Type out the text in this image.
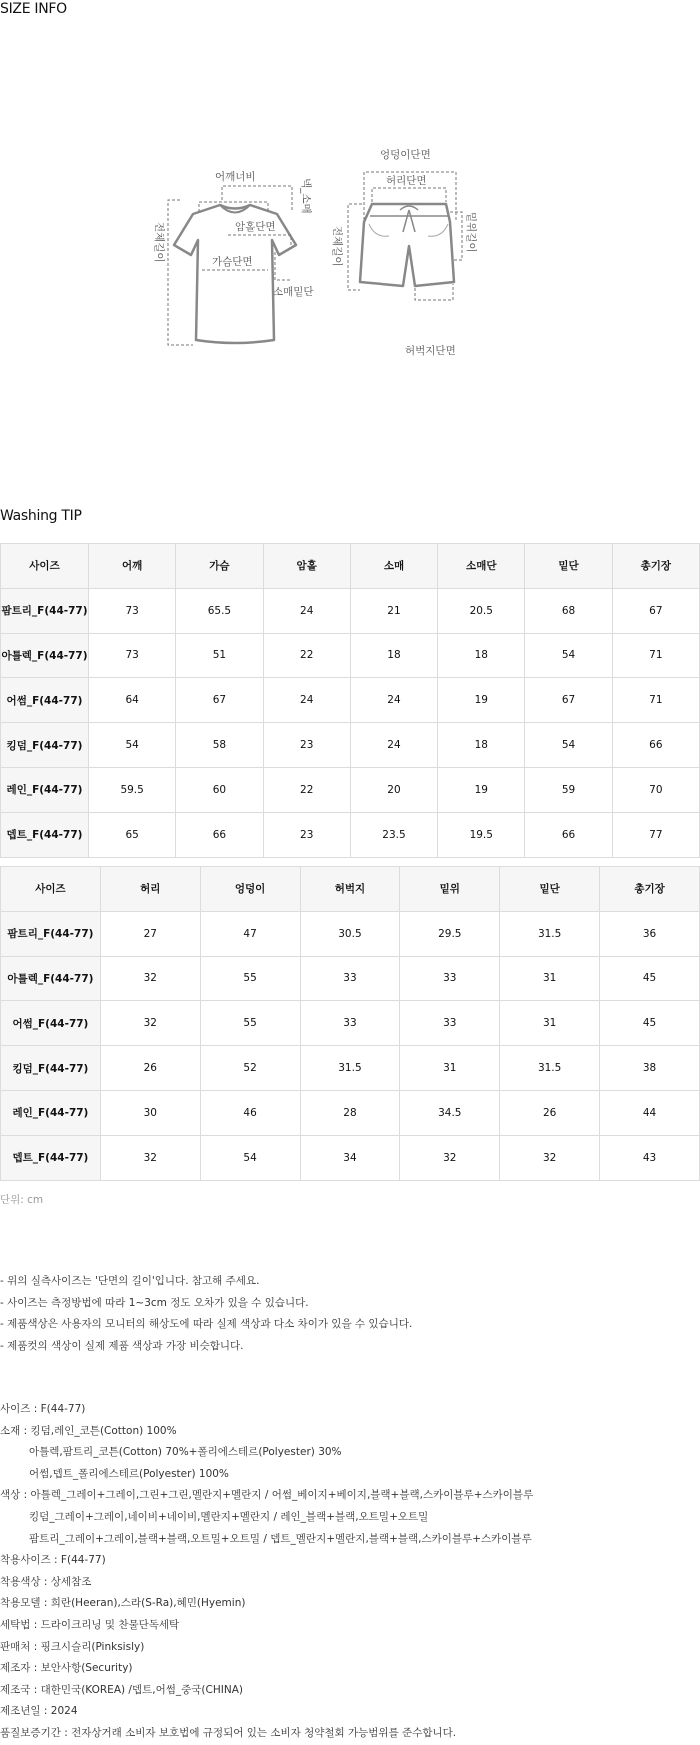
SIZE INFO
어깨너비
암홀단면
가슴단면
소매밑단
넥_소매
전체길이
엉덩이단면
허리단면
밑위길이
전체길이
허벅지단면
Washing TIP
사이즈	어깨	가슴	암홀	소매	소매단	밑단	총기장
팜트리_F(44-77)	73	65.5	24	21	20.5	68	67
아틀렉_F(44-77)	73	51	22	18	18	54	71
어썸_F(44-77)	64	67	24	24	19	67	71
킹덤_F(44-77)	54	58	23	24	18	54	66
레인_F(44-77)	59.5	60	22	20	19	59	70
뎁트_F(44-77)	65	66	23	23.5	19.5	66	77
사이즈	허리	엉덩이	허벅지	밑위	밑단	총기장
팜트리_F(44-77)	27	47	30.5	29.5	31.5	36
아틀렉_F(44-77)	32	55	33	33	31	45
어썸_F(44-77)	32	55	33	33	31	45
킹덤_F(44-77)	26	52	31.5	31	31.5	38
레인_F(44-77)	30	46	28	34.5	26	44
뎁트_F(44-77)	32	54	34	32	32	43
단위: cm
- 위의 실측사이즈는 '단면의 길이'입니다. 참고해 주세요.
- 사이즈는 측정방법에 따라 1~3cm 정도 오차가 있을 수 있습니다.
- 제품색상은 사용자의 모니터의 해상도에 따라 실제 색상과 다소 차이가 있을 수 있습니다.
- 제품컷의 색상이 실제 제품 색상과 가장 비슷합니다.
사이즈 : F(44-77)
소재 : 킹덤,레인_코튼(Cotton) 100%
아틀렉,팜트리_코튼(Cotton) 70%+폴리에스테르(Polyester) 30%
어썸,뎁트_폴리에스테르(Polyester) 100%
색상 : 아틀렉_그레이+그레이,그린+그린,멜란지+멜란지 / 어썸_베이지+베이지,블랙+블랙,스카이블루+스카이블루
킹덤_그레이+그레이,네이비+네이비,멜란지+멜란지 / 레인_블랙+블랙,오트밀+오트밀
팜트리_그레이+그레이,블랙+블랙,오트밀+오트밀 / 뎁트_멜란지+멜란지,블랙+블랙,스카이블루+스카이블루
착용사이즈 : F(44-77)
착용색상 : 상세참조
착용모델 : 희란(Heeran),스라(S-Ra),혜민(Hyemin)
세탁법 : 드라이크리닝 및 찬물단독세탁
판매처 : 핑크시슬리(Pinksisly)
제조자 : 보안사항(Security)
제조국 : 대한민국(KOREA) /뎁트,어썸_중국(CHINA)
제조년일 : 2024
품질보증기간 : 전자상거래 소비자 보호법에 규정되어 있는 소비자 청약철회 가능범위를 준수합니다.
